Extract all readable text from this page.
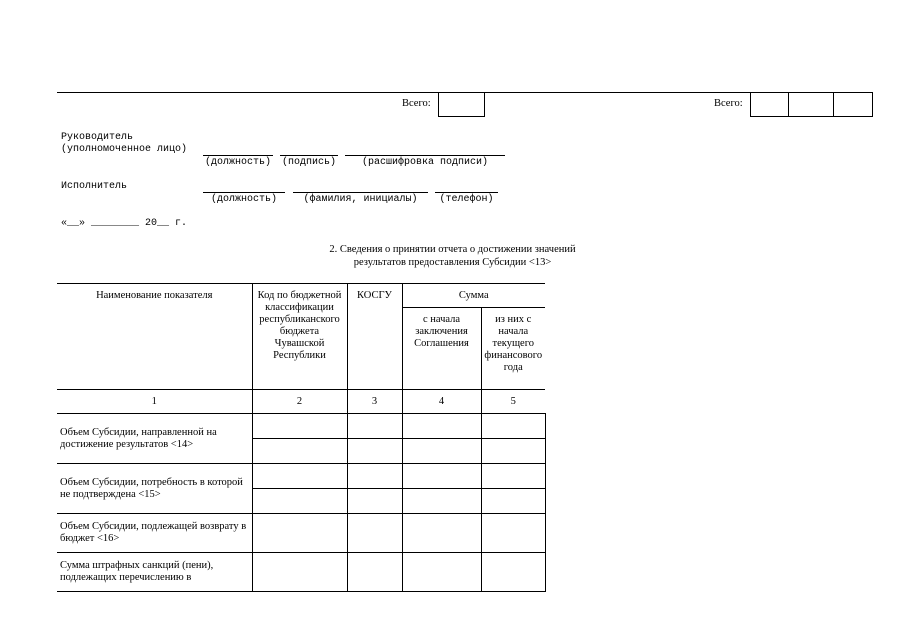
Всего:	Всего:
Руководитель
(уполномоченное лицо)
(должность) (подпись)	(расшифровка подписи)
Исполнитель
(должность)	(фамилия, инициалы)	(телефон)
«__» ________ 20__ г.
2. Сведения о принятии отчета о достижении значений
результатов предоставления Субсидии <13>
Наименование показателя	Код по бюджетной классификации республиканского бюджета Чувашской Республики	КОСГУ	Сумма	
			с начала заключения Соглашения	из них с начала текущего финансового года
1	2	3	4	5
Объем Субсидии, направленной на достижение результатов <14>				

Объем Субсидии, потребность в которой не подтверждена <15>				

Объем Субсидии, подлежащей возврату в бюджет <16>				
Сумма штрафных санкций (пени), подлежащих перечислению в				
